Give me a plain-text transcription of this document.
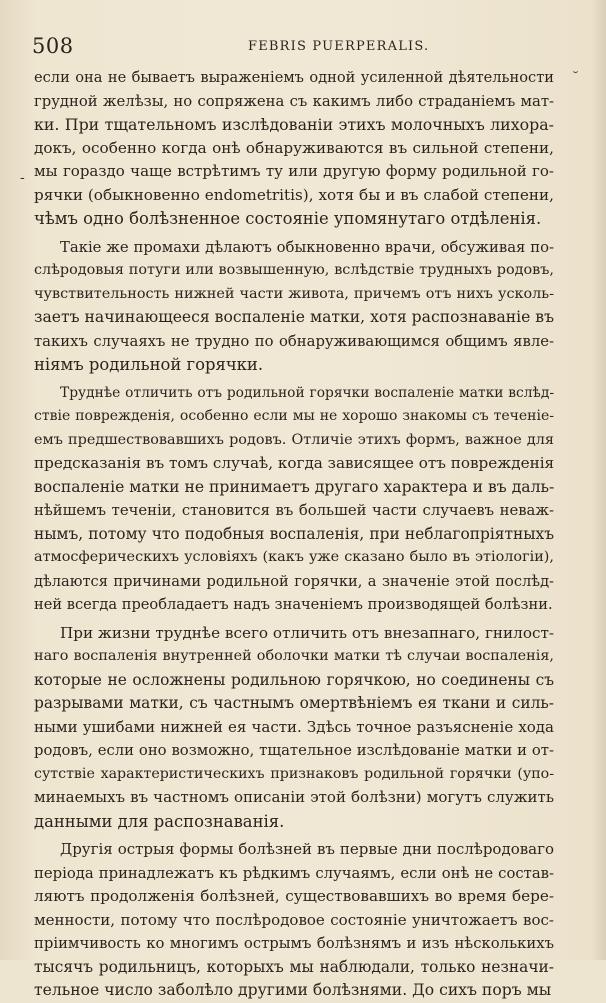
508	FEBRIS PUERPERALIS.
˘
-
если она не бываетъ выраженіемъ одной усиленной дѣятельности
грудной желѣзы, но сопряжена съ какимъ либо страданіемъ мат-
ки. При тщательномъ изслѣдованіи этихъ молочныхъ лихора-
докъ, особенно когда онѣ обнаруживаются въ сильной степени,
мы гораздо чаще встрѣтимъ ту или другую форму родильной го-
рячки (обыкновенно endometritis), хотя бы и въ слабой степени,
чѣмъ одно болѣзненное состояніе упомянутаго отдѣленія.
Такіе же промахи дѣлаютъ обыкновенно врачи, обсуживая по-
слѣродовыя потуги или возвышенную, вслѣдствіе трудныхъ родовъ,
чувствительность нижней части живота, причемъ отъ нихъ усколь-
заетъ начинающееся воспаленіе матки, хотя распознаваніе въ
такихъ случаяхъ не трудно по обнаруживающимся общимъ явле-
ніямъ родильной горячки.
Труднѣе отличить отъ родильной горячки воспаленіе матки вслѣд-
ствіе поврежденія, особенно если мы не хорошо знакомы съ теченіе-
емъ предшествовавшихъ родовъ. Отличіе этихъ формъ, важное для
предсказанія въ томъ случаѣ, когда зависящее отъ поврежденія
воспаленіе матки не принимаетъ другаго характера и въ даль-
нѣйшемъ теченіи, становится въ большей части случаевъ неваж-
нымъ, потому что подобныя воспаленія, при неблагопріятныхъ
атмосферическихъ условіяхъ (какъ уже сказано было въ этіологіи),
дѣлаются причинами родильной горячки, а значеніе этой послѣд-
ней всегда преобладаетъ надъ значеніемъ производящей болѣзни.
При жизни труднѣе всего отличить отъ внезапнаго, гнилост-
наго воспаленія внутренней оболочки матки тѣ случаи воспаленія,
которые не осложнены родильною горячкою, но соединены съ
разрывами матки, съ частнымъ омертвѣніемъ ея ткани и силь-
ными ушибами нижней ея части. Здѣсь точное разъясненіе хода
родовъ, если оно возможно, тщательное изслѣдованіе матки и от-
сутствіе характеристическихъ признаковъ родильной горячки (упо-
минаемыхъ въ частномъ описаніи этой болѣзни) могутъ служить
данными для распознаванія.
Другія острыя формы болѣзней въ первые дни послѣродоваго
періода принадлежатъ къ рѣдкимъ случаямъ, если онѣ не состав-
ляютъ продолженія болѣзней, существовавшихъ во время бере-
менности, потому что послѣродовое состояніе уничтожаетъ вос-
пріимчивость ко многимъ острымъ болѣзнямъ и изъ нѣсколькихъ
тысячъ родильницъ, которыхъ мы наблюдали, только незначи-
тельное число заболѣло другими болѣзнями. До сихъ поръ мы
